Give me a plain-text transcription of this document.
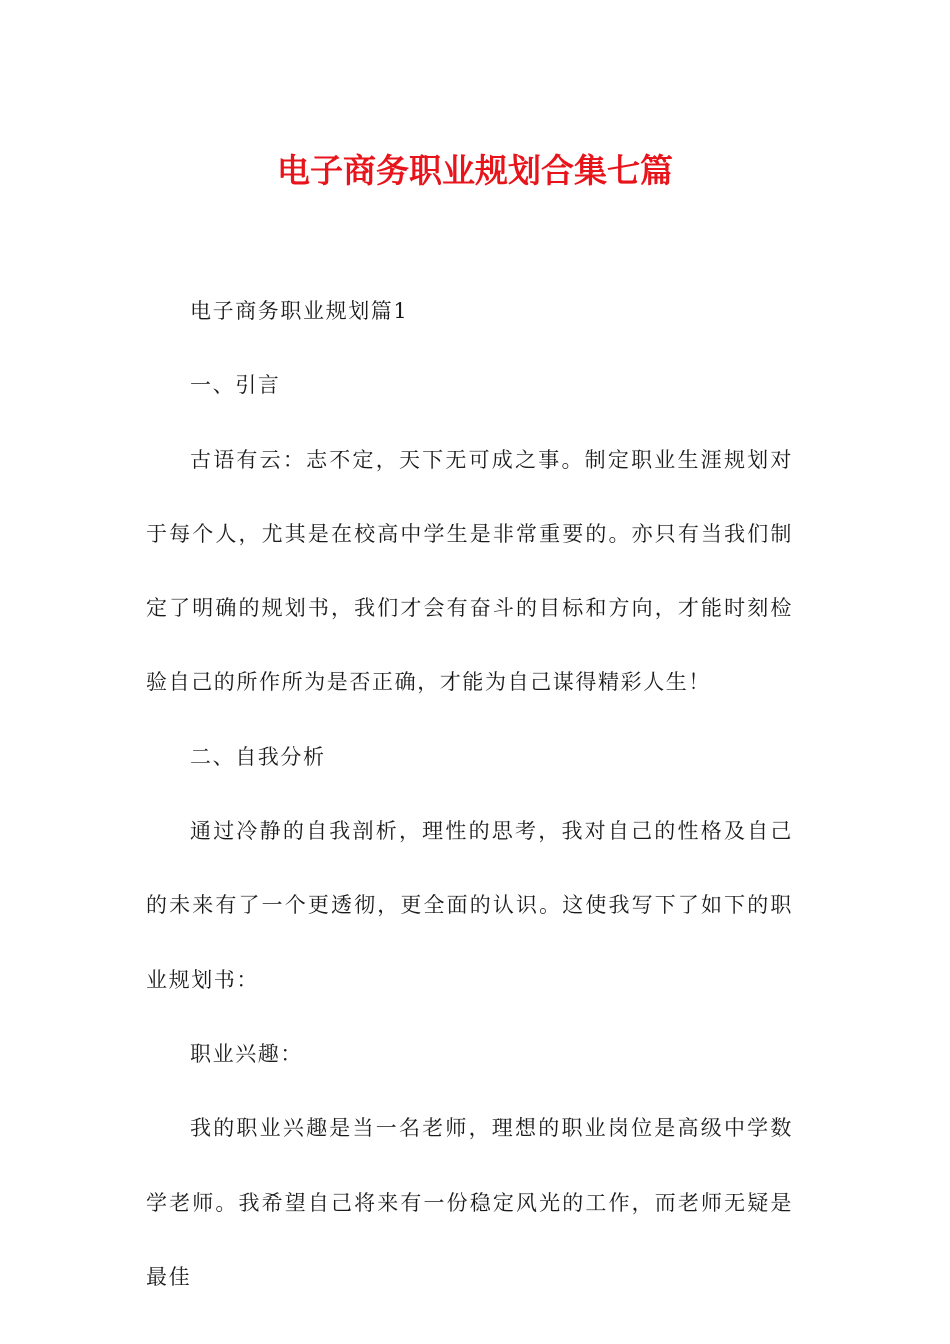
电子商务职业规划合集七篇

电子商务职业规划篇1

一、引言

古语有云：志不定，天下无可成之事。制定职业生涯规划对于每个人，尤其是在校高中学生是非常重要的。亦只有当我们制定了明确的规划书，我们才会有奋斗的目标和方向，才能时刻检验自己的所作所为是否正确，才能为自己谋得精彩人生！

二、自我分析

通过冷静的自我剖析，理性的思考，我对自己的性格及自己的未来有了一个更透彻，更全面的认识。这使我写下了如下的职业规划书：

职业兴趣：

我的职业兴趣是当一名老师，理想的职业岗位是高级中学数学老师。我希望自己将来有一份稳定风光的工作，而老师无疑是最佳
